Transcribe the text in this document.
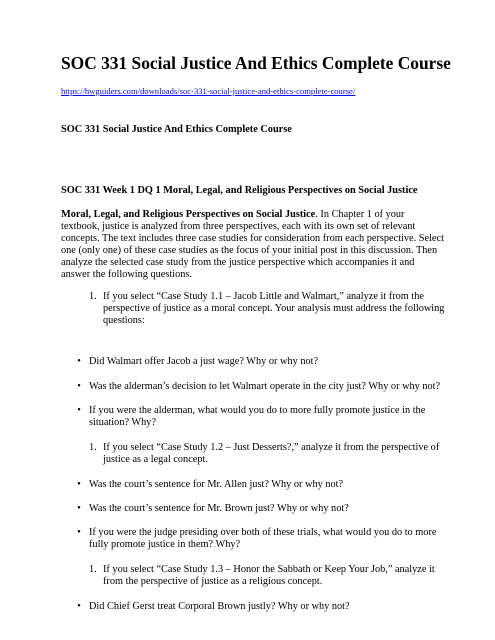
SOC 331 Social Justice And Ethics Complete Course
https://hwguiders.com/downloads/soc-331-social-justice-and-ethics-complete-course/
SOC 331 Social Justice And Ethics Complete Course
SOC 331 Week 1 DQ 1 Moral, Legal, and Religious Perspectives on Social Justice
Moral, Legal, and Religious Perspectives on Social Justice. In Chapter 1 of your textbook, justice is analyzed from three perspectives, each with its own set of relevant concepts. The text includes three case studies for consideration from each perspective. Select one (only one) of these case studies as the focus of your initial post in this discussion. Then analyze the selected case study from the justice perspective which accompanies it and answer the following questions.
1. If you select “Case Study 1.1 – Jacob Little and Walmart,” analyze it from the perspective of justice as a moral concept. Your analysis must address the following questions:
• Did Walmart offer Jacob a just wage? Why or why not?
• Was the alderman’s decision to let Walmart operate in the city just? Why or why not?
• If you were the alderman, what would you do to more fully promote justice in the situation? Why?
1. If you select “Case Study 1.2 – Just Desserts?,” analyze it from the perspective of justice as a legal concept.
• Was the court’s sentence for Mr. Allen just? Why or why not?
• Was the court’s sentence for Mr. Brown just? Why or why not?
• If you were the judge presiding over both of these trials, what would you do to more fully promote justice in them? Why?
1. If you select “Case Study 1.3 – Honor the Sabbath or Keep Your Job,” analyze it from the perspective of justice as a religious concept.
• Did Chief Gerst treat Corporal Brown justly? Why or why not?
